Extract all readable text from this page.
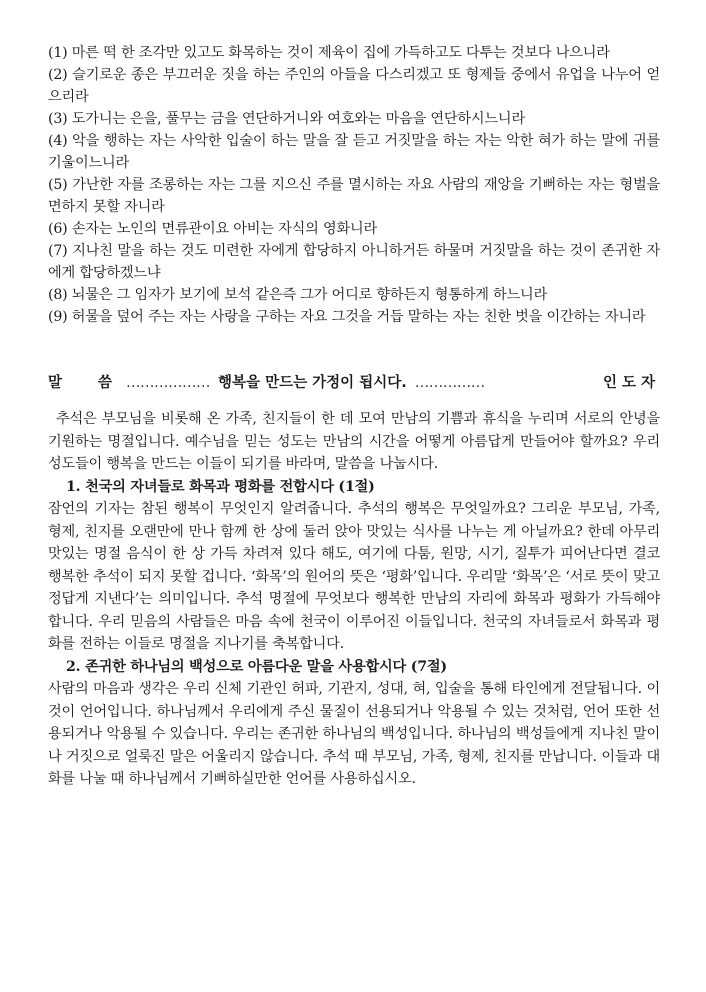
(1) 마른 떡 한 조각만 있고도 화목하는 것이 제육이 집에 가득하고도 다투는 것보다 나으니라

(2) 슬기로운 종은 부끄러운 짓을 하는 주인의 아들을 다스리겠고 또 형제들 중에서 유업을 나누어 얻으리라

(3) 도가니는 은을, 풀무는 금을 연단하거니와 여호와는 마음을 연단하시느니라

(4) 악을 행하는 자는 사악한 입술이 하는 말을 잘 듣고 거짓말을 하는 자는 악한 혀가 하는 말에 귀를 기울이느니라

(5) 가난한 자를 조롱하는 자는 그를 지으신 주를 멸시하는 자요 사람의 재앙을 기뻐하는 자는 형벌을 면하지 못할 자니라

(6) 손자는 노인의 면류관이요 아비는 자식의 영화니라

(7) 지나친 말을 하는 것도 미련한 자에게 합당하지 아니하거든 하물며 거짓말을 하는 것이 존귀한 자에게 합당하겠느냐

(8) 뇌물은 그 임자가 보기에 보석 같은즉 그가 어디로 향하든지 형통하게 하느니라

(9) 허물을 덮어 주는 자는 사랑을 구하는 자요 그것을 거듭 말하는 자는 친한 벗을 이간하는 자니라

말	씀 ……………… 행복을 만드는 가정이 됩시다. ……………	인도자

추석은 부모님을 비롯해 온 가족, 친지들이 한 데 모여 만남의 기쁨과 휴식을 누리며 서로의 안녕을 기원하는 명절입니다. 예수님을 믿는 성도는 만남의 시간을 어떻게 아름답게 만들어야 할까요? 우리 성도들이 행복을 만드는 이들이 되기를 바라며, 말씀을 나눕시다.

1. 천국의 자녀들로 화목과 평화를 전합시다 (1절)

잠언의 기자는 참된 행복이 무엇인지 알려줍니다. 추석의 행복은 무엇일까요? 그리운 부모님, 가족, 형제, 친지를 오랜만에 만나 함께 한 상에 둘러 앉아 맛있는 식사를 나누는 게 아닐까요? 한데 아무리 맛있는 명절 음식이 한 상 가득 차려져 있다 해도, 여기에 다툼, 원망, 시기, 질투가 피어난다면 결코 행복한 추석이 되지 못할 겁니다. ‘화목’의 원어의 뜻은 ‘평화’입니다. 우리말 ‘화목’은 ‘서로 뜻이 맞고 정답게 지낸다’는 의미입니다. 추석 명절에 무엇보다 행복한 만남의 자리에 화목과 평화가 가득해야 합니다. 우리 믿음의 사람들은 마음 속에 천국이 이루어진 이들입니다. 천국의 자녀들로서 화목과 평화를 전하는 이들로 명절을 지나기를 축복합니다.

2. 존귀한 하나님의 백성으로 아름다운 말을 사용합시다 (7절)

사람의 마음과 생각은 우리 신체 기관인 허파, 기관지, 성대, 혀, 입술을 통해 타인에게 전달됩니다. 이것이 언어입니다. 하나님께서 우리에게 주신 물질이 선용되거나 악용될 수 있는 것처럼, 언어 또한 선용되거나 악용될 수 있습니다. 우리는 존귀한 하나님의 백성입니다. 하나님의 백성들에게 지나친 말이나 거짓으로 얼룩진 말은 어울리지 않습니다. 추석 때 부모님, 가족, 형제, 친지를 만납니다. 이들과 대화를 나눌 때 하나님께서 기뻐하실만한 언어를 사용하십시오.
